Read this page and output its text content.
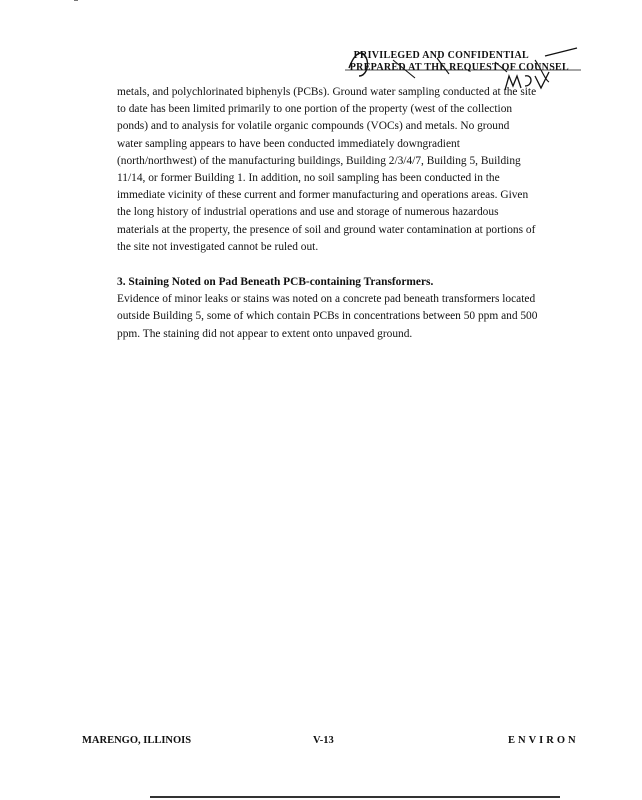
PRIVILEGED AND CONFIDENTIAL
PREPARED AT THE REQUEST OF COUNSEL

metals, and polychlorinated biphenyls (PCBs). Ground water sampling conducted at the site
to date has been limited primarily to one portion of the property (west of the collection
ponds) and to analysis for volatile organic compounds (VOCs) and metals. No ground
water sampling appears to have been conducted immediately downgradient
(north/northwest) of the manufacturing buildings, Building 2/3/4/7, Building 5, Building
11/14, or former Building 1. In addition, no soil sampling has been conducted in the
immediate vicinity of these current and former manufacturing and operations areas. Given
the long history of industrial operations and use and storage of numerous hazardous
materials at the property, the presence of soil and ground water contamination at portions of
the site not investigated cannot be ruled out.

3. Staining Noted on Pad Beneath PCB-containing Transformers.

Evidence of minor leaks or stains was noted on a concrete pad beneath transformers located
outside Building 5, some of which contain PCBs in concentrations between 50 ppm and 500
ppm. The staining did not appear to extent onto unpaved ground.

MARENGO, ILLINOIS	V-13	ENVIRON
